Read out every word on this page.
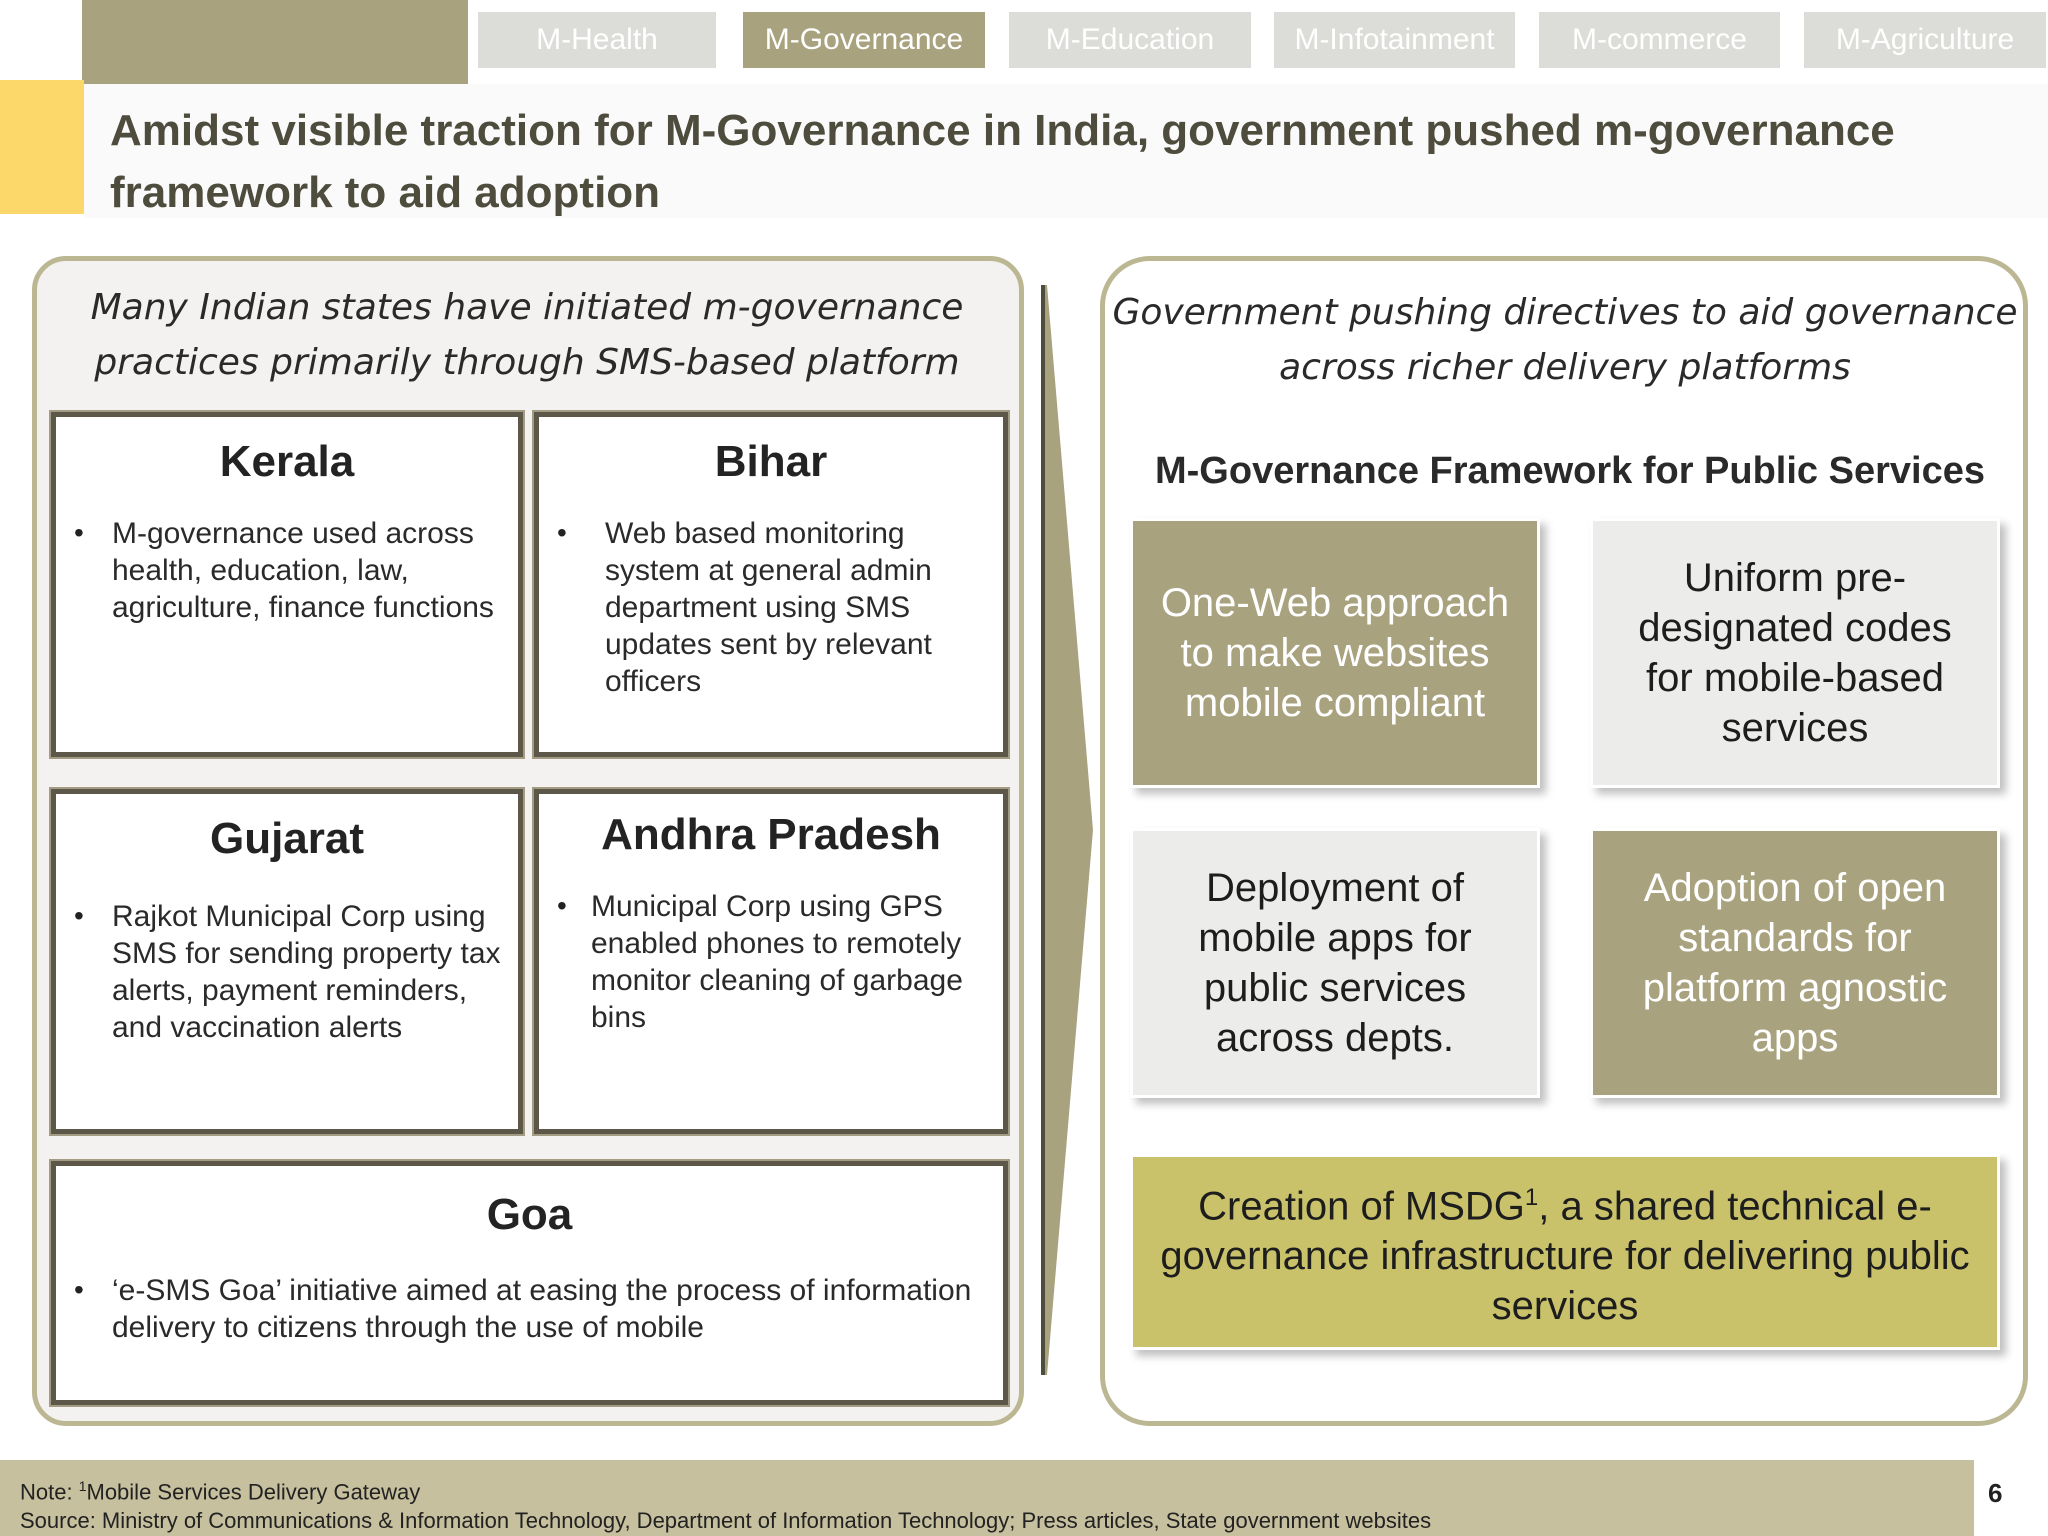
M-Health	M-Governance	M-Education	M-Infotainment	M-commerce	M-Agriculture
Amidst visible traction for M-Governance in India, government pushed m-governance framework to aid adoption
Many Indian states have initiated m-governance practices primarily through SMS-based platform
Kerala
• M-governance used across health, education, law, agriculture, finance functions
Bihar
• Web based monitoring system at general admin department using SMS updates sent by relevant officers
Gujarat
• Rajkot Municipal Corp using SMS for sending property tax alerts, payment reminders, and vaccination alerts
Andhra Pradesh
• Municipal Corp using GPS enabled phones to remotely monitor cleaning of garbage bins
Goa
• ‘e-SMS Goa’ initiative aimed at easing the process of information delivery to citizens through the use of mobile
Government pushing directives to aid governance across richer delivery platforms
M-Governance Framework for Public Services
One-Web approach to make websites mobile compliant
Uniform pre-designated codes for mobile-based services
Deployment of mobile apps for public services across depts.
Adoption of open standards for platform agnostic apps
Creation of MSDG$^1$, a shared technical e-governance infrastructure for delivering public services
Note: $^1$Mobile Services Delivery Gateway
Source: Ministry of Communications & Information Technology, Department of Information Technology; Press articles, State government websites
6
